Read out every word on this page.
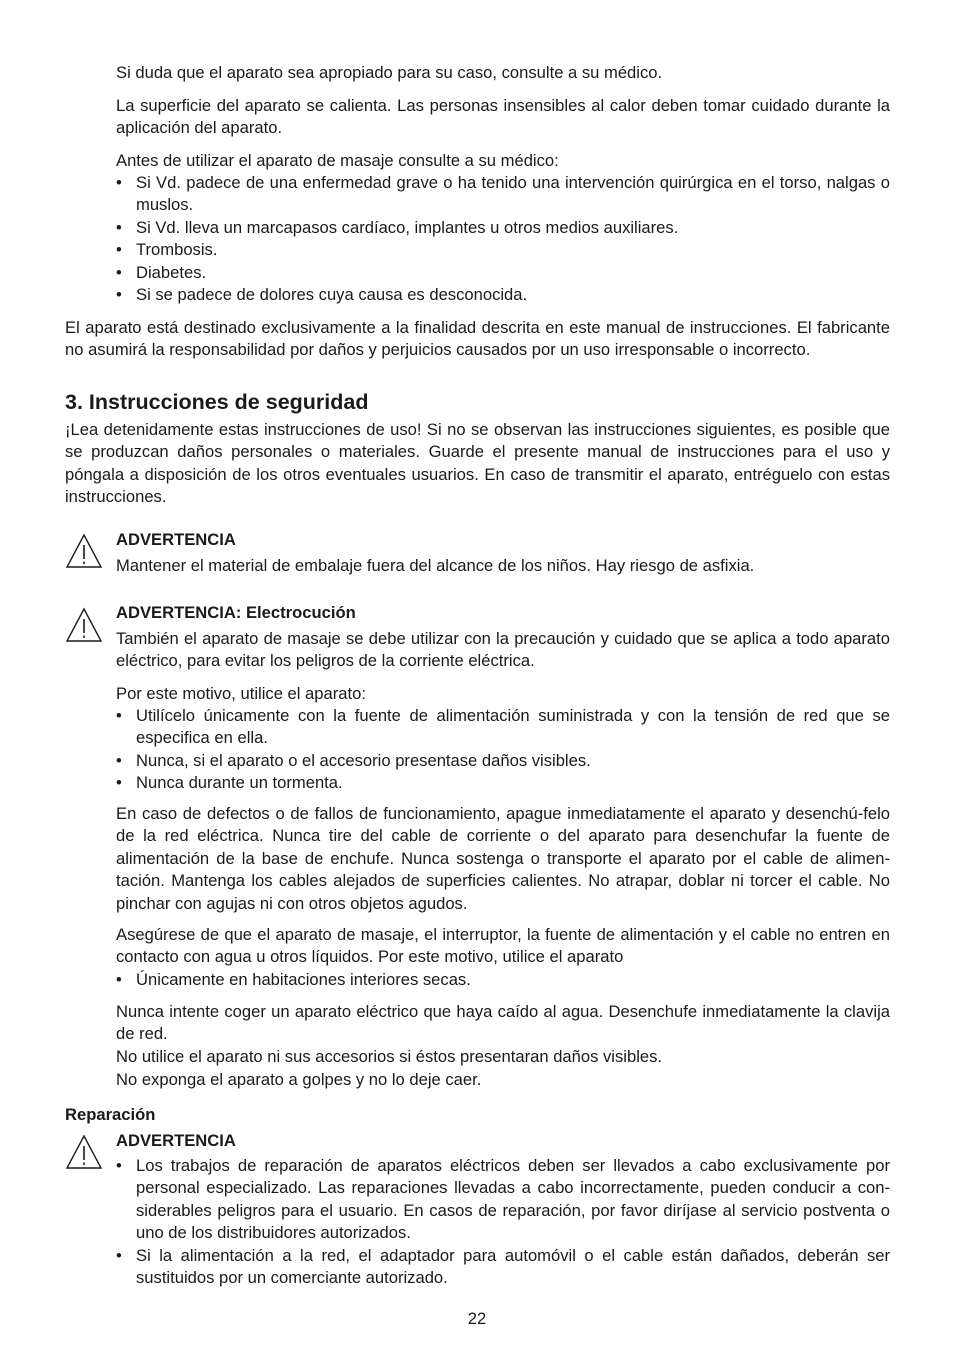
Si duda que el aparato sea apropiado para su caso, consulte a su médico.

La superficie del aparato se calienta. Las personas insensibles al calor deben tomar cuidado durante la aplicación del aparato.

Antes de utilizar el aparato de masaje consulte a su médico:

• Si Vd. padece de una enfermedad grave o ha tenido una intervención quirúrgica en el torso, nalgas o muslos.
• Si Vd. lleva un marcapasos cardíaco, implantes u otros medios auxiliares.
• Trombosis.
• Diabetes.
• Si se padece de dolores cuya causa es desconocida.

El aparato está destinado exclusivamente a la finalidad descrita en este manual de instrucciones. El fabricante no asumirá la responsabilidad por daños y perjuicios causados por un uso irresponsable o incorrecto.

3. Instrucciones de seguridad

¡Lea detenidamente estas instrucciones de uso! Si no se observan las instrucciones siguientes, es posible que se produzcan daños personales o materiales. Guarde el presente manual de instrucciones para el uso y póngala a disposición de los otros eventuales usuarios. En caso de transmitir el aparato, entréguelo con estas instrucciones.

ADVERTENCIA

Mantener el material de embalaje fuera del alcance de los niños. Hay riesgo de asfixia.

ADVERTENCIA: Electrocución

También el aparato de masaje se debe utilizar con la precaución y cuidado que se aplica a todo aparato eléctrico, para evitar los peligros de la corriente eléctrica.

Por este motivo, utilice el aparato:

• Utilícelo únicamente con la fuente de alimentación suministrada y con la tensión de red que se especifica en ella.
• Nunca, si el aparato o el accesorio presentase daños visibles.
• Nunca durante un tormenta.

En caso de defectos o de fallos de funcionamiento, apague inmediatamente el aparato y desenchú-felo de la red eléctrica. Nunca tire del cable de corriente o del aparato para desenchufar la fuente de alimentación de la base de enchufe. Nunca sostenga o transporte el aparato por el cable de alimen-tación. Mantenga los cables alejados de superficies calientes. No atrapar, doblar ni torcer el cable. No pinchar con agujas ni con otros objetos agudos.

Asegúrese de que el aparato de masaje, el interruptor, la fuente de alimentación y el cable no entren en contacto con agua u otros líquidos. Por este motivo, utilice el aparato

• Únicamente en habitaciones interiores secas.

Nunca intente coger un aparato eléctrico que haya caído al agua. Desenchufe inmediatamente la clavija de red.

No utilice el aparato ni sus accesorios si éstos presentaran daños visibles.

No exponga el aparato a golpes y no lo deje caer.

Reparación
ADVERTENCIA
• Los trabajos de reparación de aparatos eléctricos deben ser llevados a cabo exclusivamente por personal especializado. Las reparaciones llevadas a cabo incorrectamente, pueden conducir a con-siderables peligros para el usuario. En casos de reparación, por favor diríjase al servicio postventa o uno de los distribuidores autorizados.
• Si la alimentación a la red, el adaptador para automóvil o el cable están dañados, deberán ser sustituidos por un comerciante autorizado.
22
